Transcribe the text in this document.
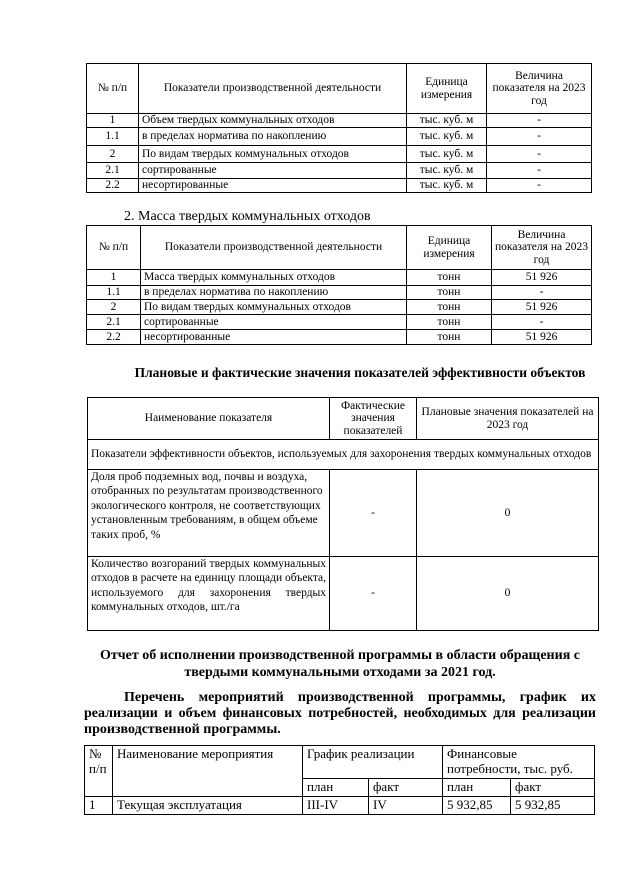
№ п/п	Показатели производственной деятельности	Единица измерения	Величина показателя на 2023 год
1	Объем твердых коммунальных отходов	тыс. куб. м	-
1.1	в пределах норматива по накоплению	тыс. куб. м	-
2	По видам твердых коммунальных отходов	тыс. куб. м	-
2.1	сортированные	тыс. куб. м	-
2.2	несортированные	тыс. куб. м	-
2. Масса твердых коммунальных отходов
№ п/п	Показатели производственной деятельности	Единица измерения	Величина показателя на 2023 год
1	Масса твердых коммунальных отходов	тонн	51 926
1.1	в пределах норматива по накоплению	тонн	-
2	По видам твердых коммунальных отходов	тонн	51 926
2.1	сортированные	тонн	-
2.2	несортированные	тонн	51 926
Плановые и фактические значения показателей эффективности объектов
Наименование показателя	Фактические значения показателей	Плановые значения показателей на 2023 год
Показатели эффективности объектов, используемых для захоронения твердых коммунальных отходов		
Доля проб подземных вод, почвы и воздуха, отобранных по результатам производственного экологического контроля, не соответствующих установленным требованиям, в общем объеме таких проб, %	-	0
Количество возгораний твердых коммунальных отходов в расчете на единицу площади объекта, используемого для захоронения твердых коммунальных отходов, шт./га	-	0
Отчет об исполнении производственной программы в области обращения с твердыми коммунальными отходами за 2021 год.
Перечень мероприятий производственной программы, график их реализации и объем финансовых потребностей, необходимых для реализации производственной программы.
№ п/п	Наименование мероприятия	График реализации		Финансовые потребности, тыс. руб.	
		план	факт	план	факт
1	Текущая эксплуатация	III-IV	IV	5 932,85	5 932,85
